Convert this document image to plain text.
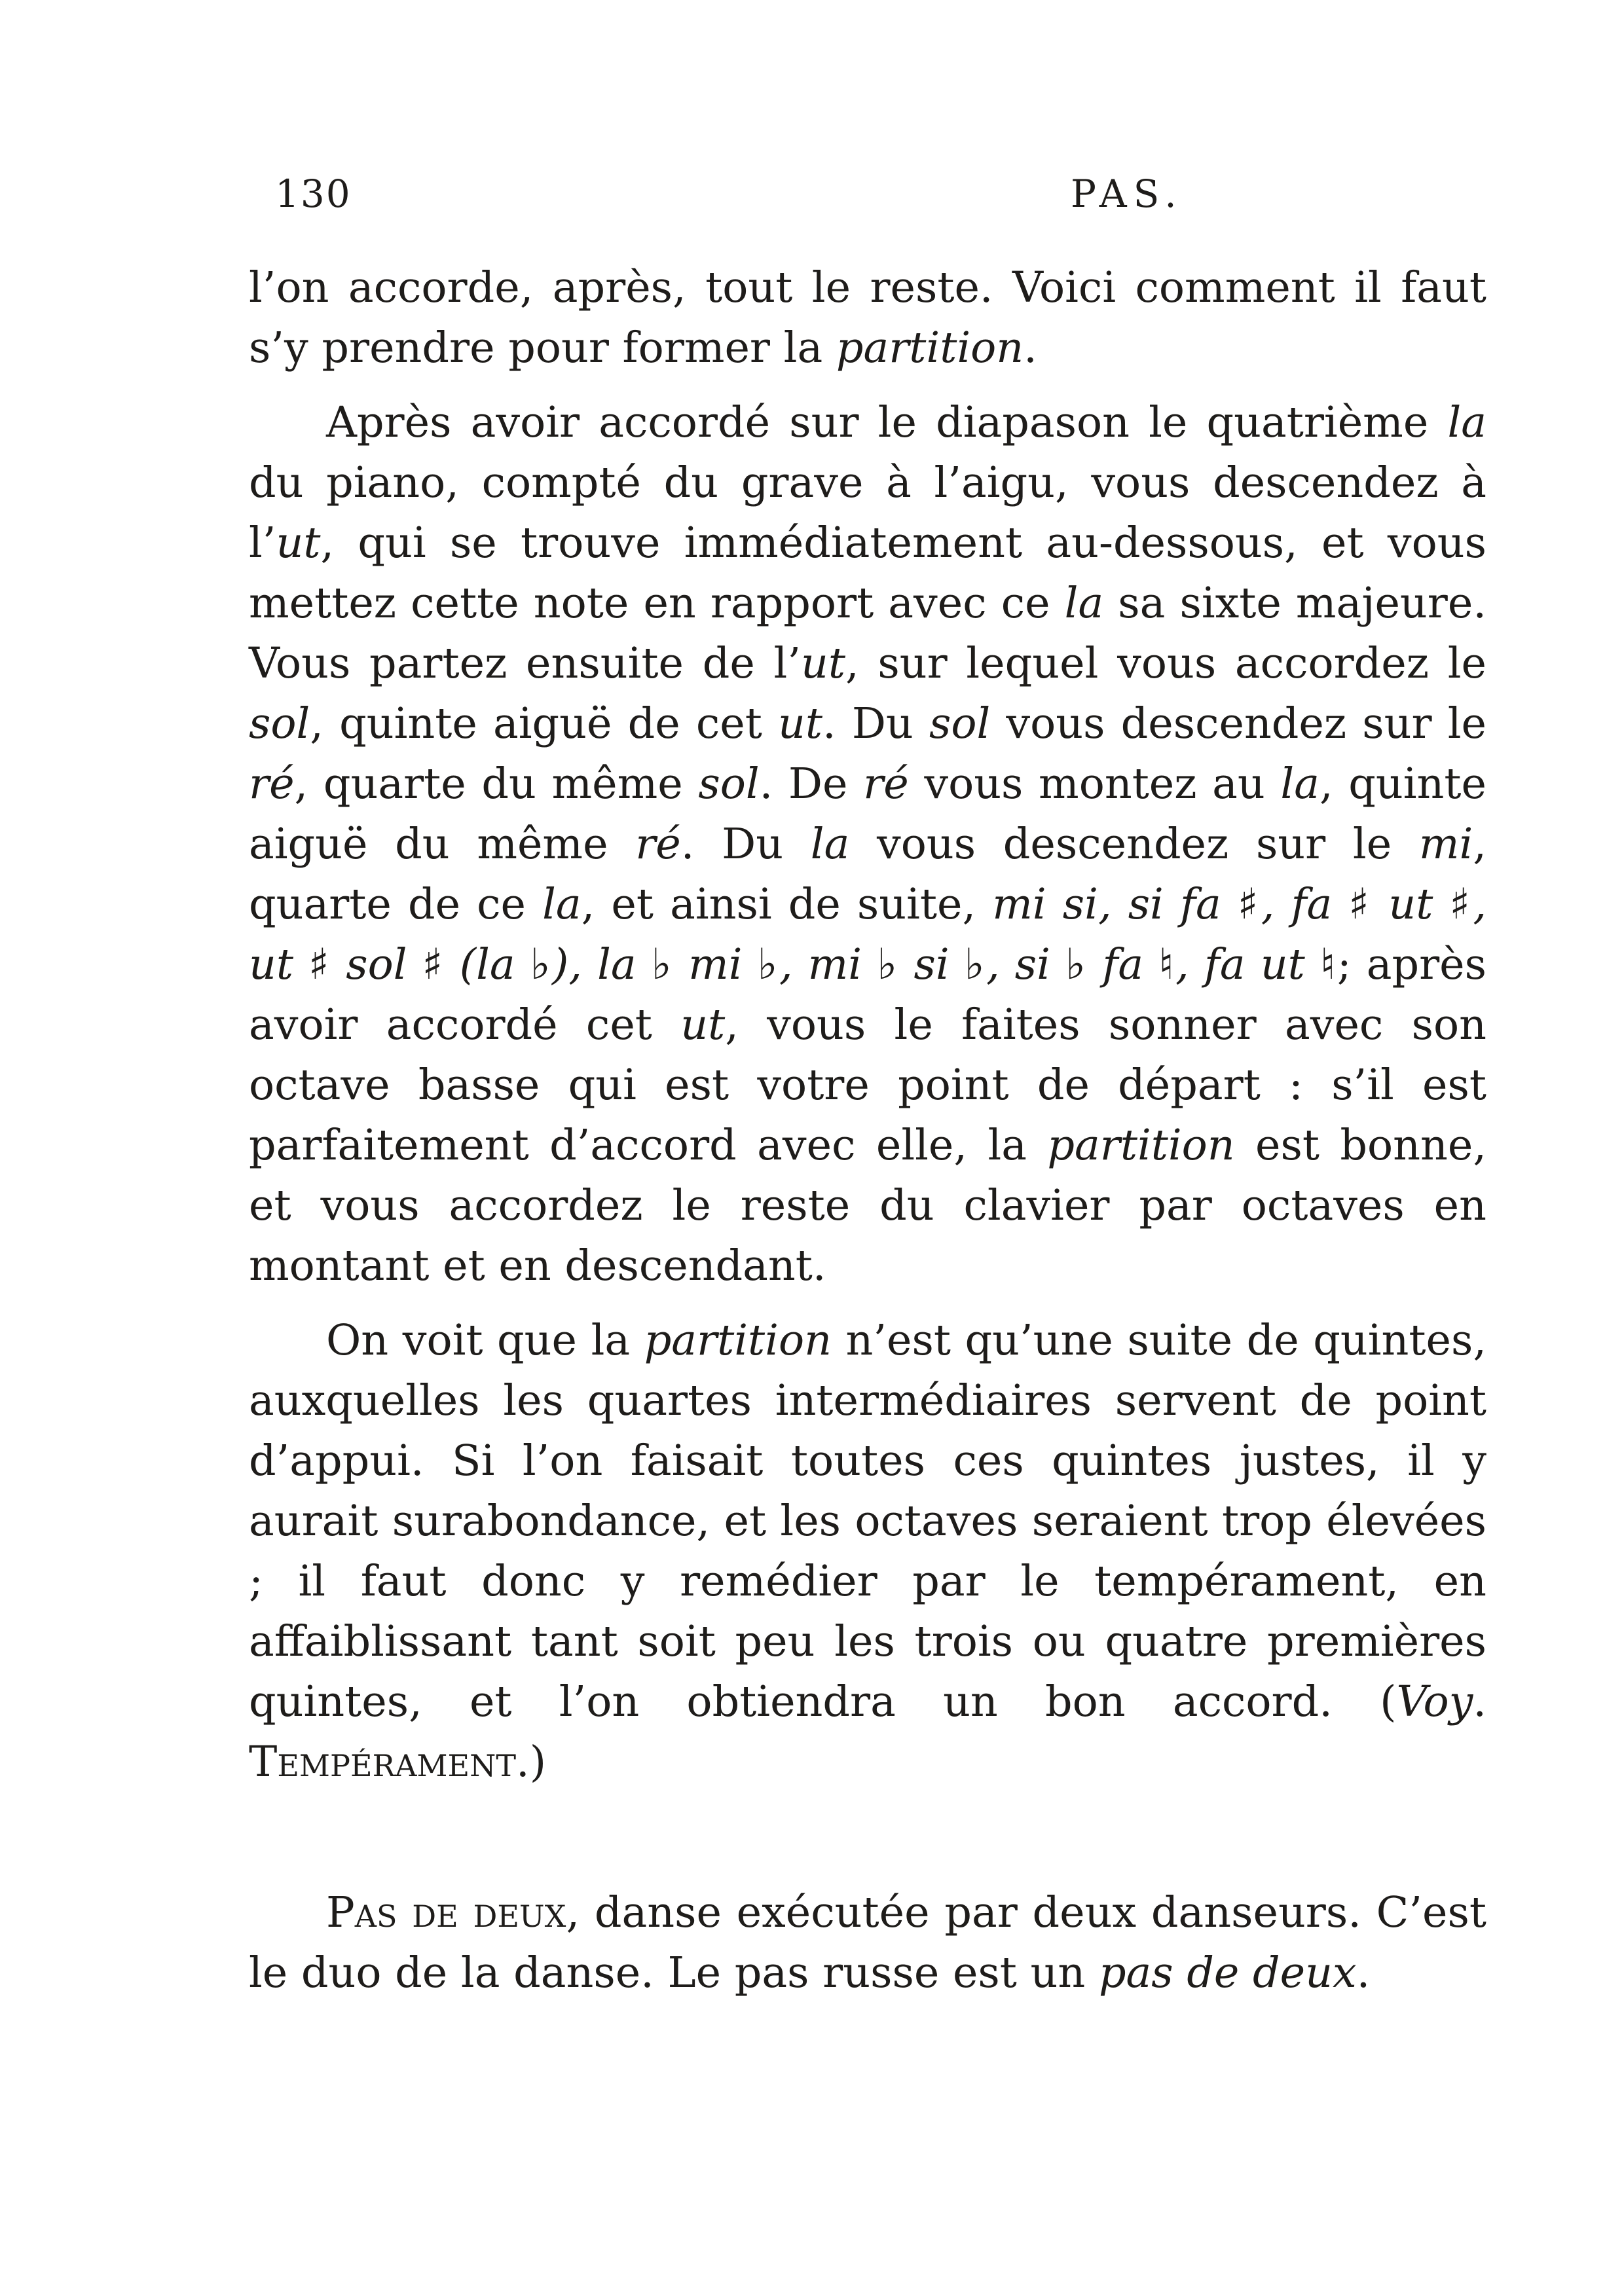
130	PAS.

l’on accorde, après, tout le reste. Voici comment il faut s’y prendre pour former la partition.

Après avoir accordé sur le diapason le quatrième la du piano, compté du grave à l’aigu, vous descendez à l’ut, qui se trouve immédiatement au-dessous, et vous mettez cette note en rapport avec ce la sa sixte majeure. Vous partez ensuite de l’ut, sur lequel vous accordez le sol, quinte aiguë de cet ut. Du sol vous descendez sur le ré, quarte du même sol. De ré vous montez au la, quinte aiguë du même ré. Du la vous descendez sur le mi, quarte de ce la, et ainsi de suite, mi si, si fa ♯, fa ♯ ut ♯, ut ♯ sol ♯ (la ♭), la ♭ mi ♭, mi ♭ si ♭, si ♭ fa ♮, fa ut ♮; après avoir accordé cet ut, vous le faites sonner avec son octave basse qui est votre point de départ : s’il est parfaitement d’accord avec elle, la partition est bonne, et vous accordez le reste du clavier par octaves en montant et en descendant.

On voit que la partition n’est qu’une suite de quintes, auxquelles les quartes intermédiaires servent de point d’appui. Si l’on faisait toutes ces quintes justes, il y aurait surabondance, et les octaves seraient trop élevées ; il faut donc y remédier par le tempérament, en affaiblissant tant soit peu les trois ou quatre premières quintes, et l’on obtiendra un bon accord. (Voy. Tempérament.)

Pas de deux, danse exécutée par deux danseurs. C’est le duo de la danse. Le pas russe est un pas de deux.
